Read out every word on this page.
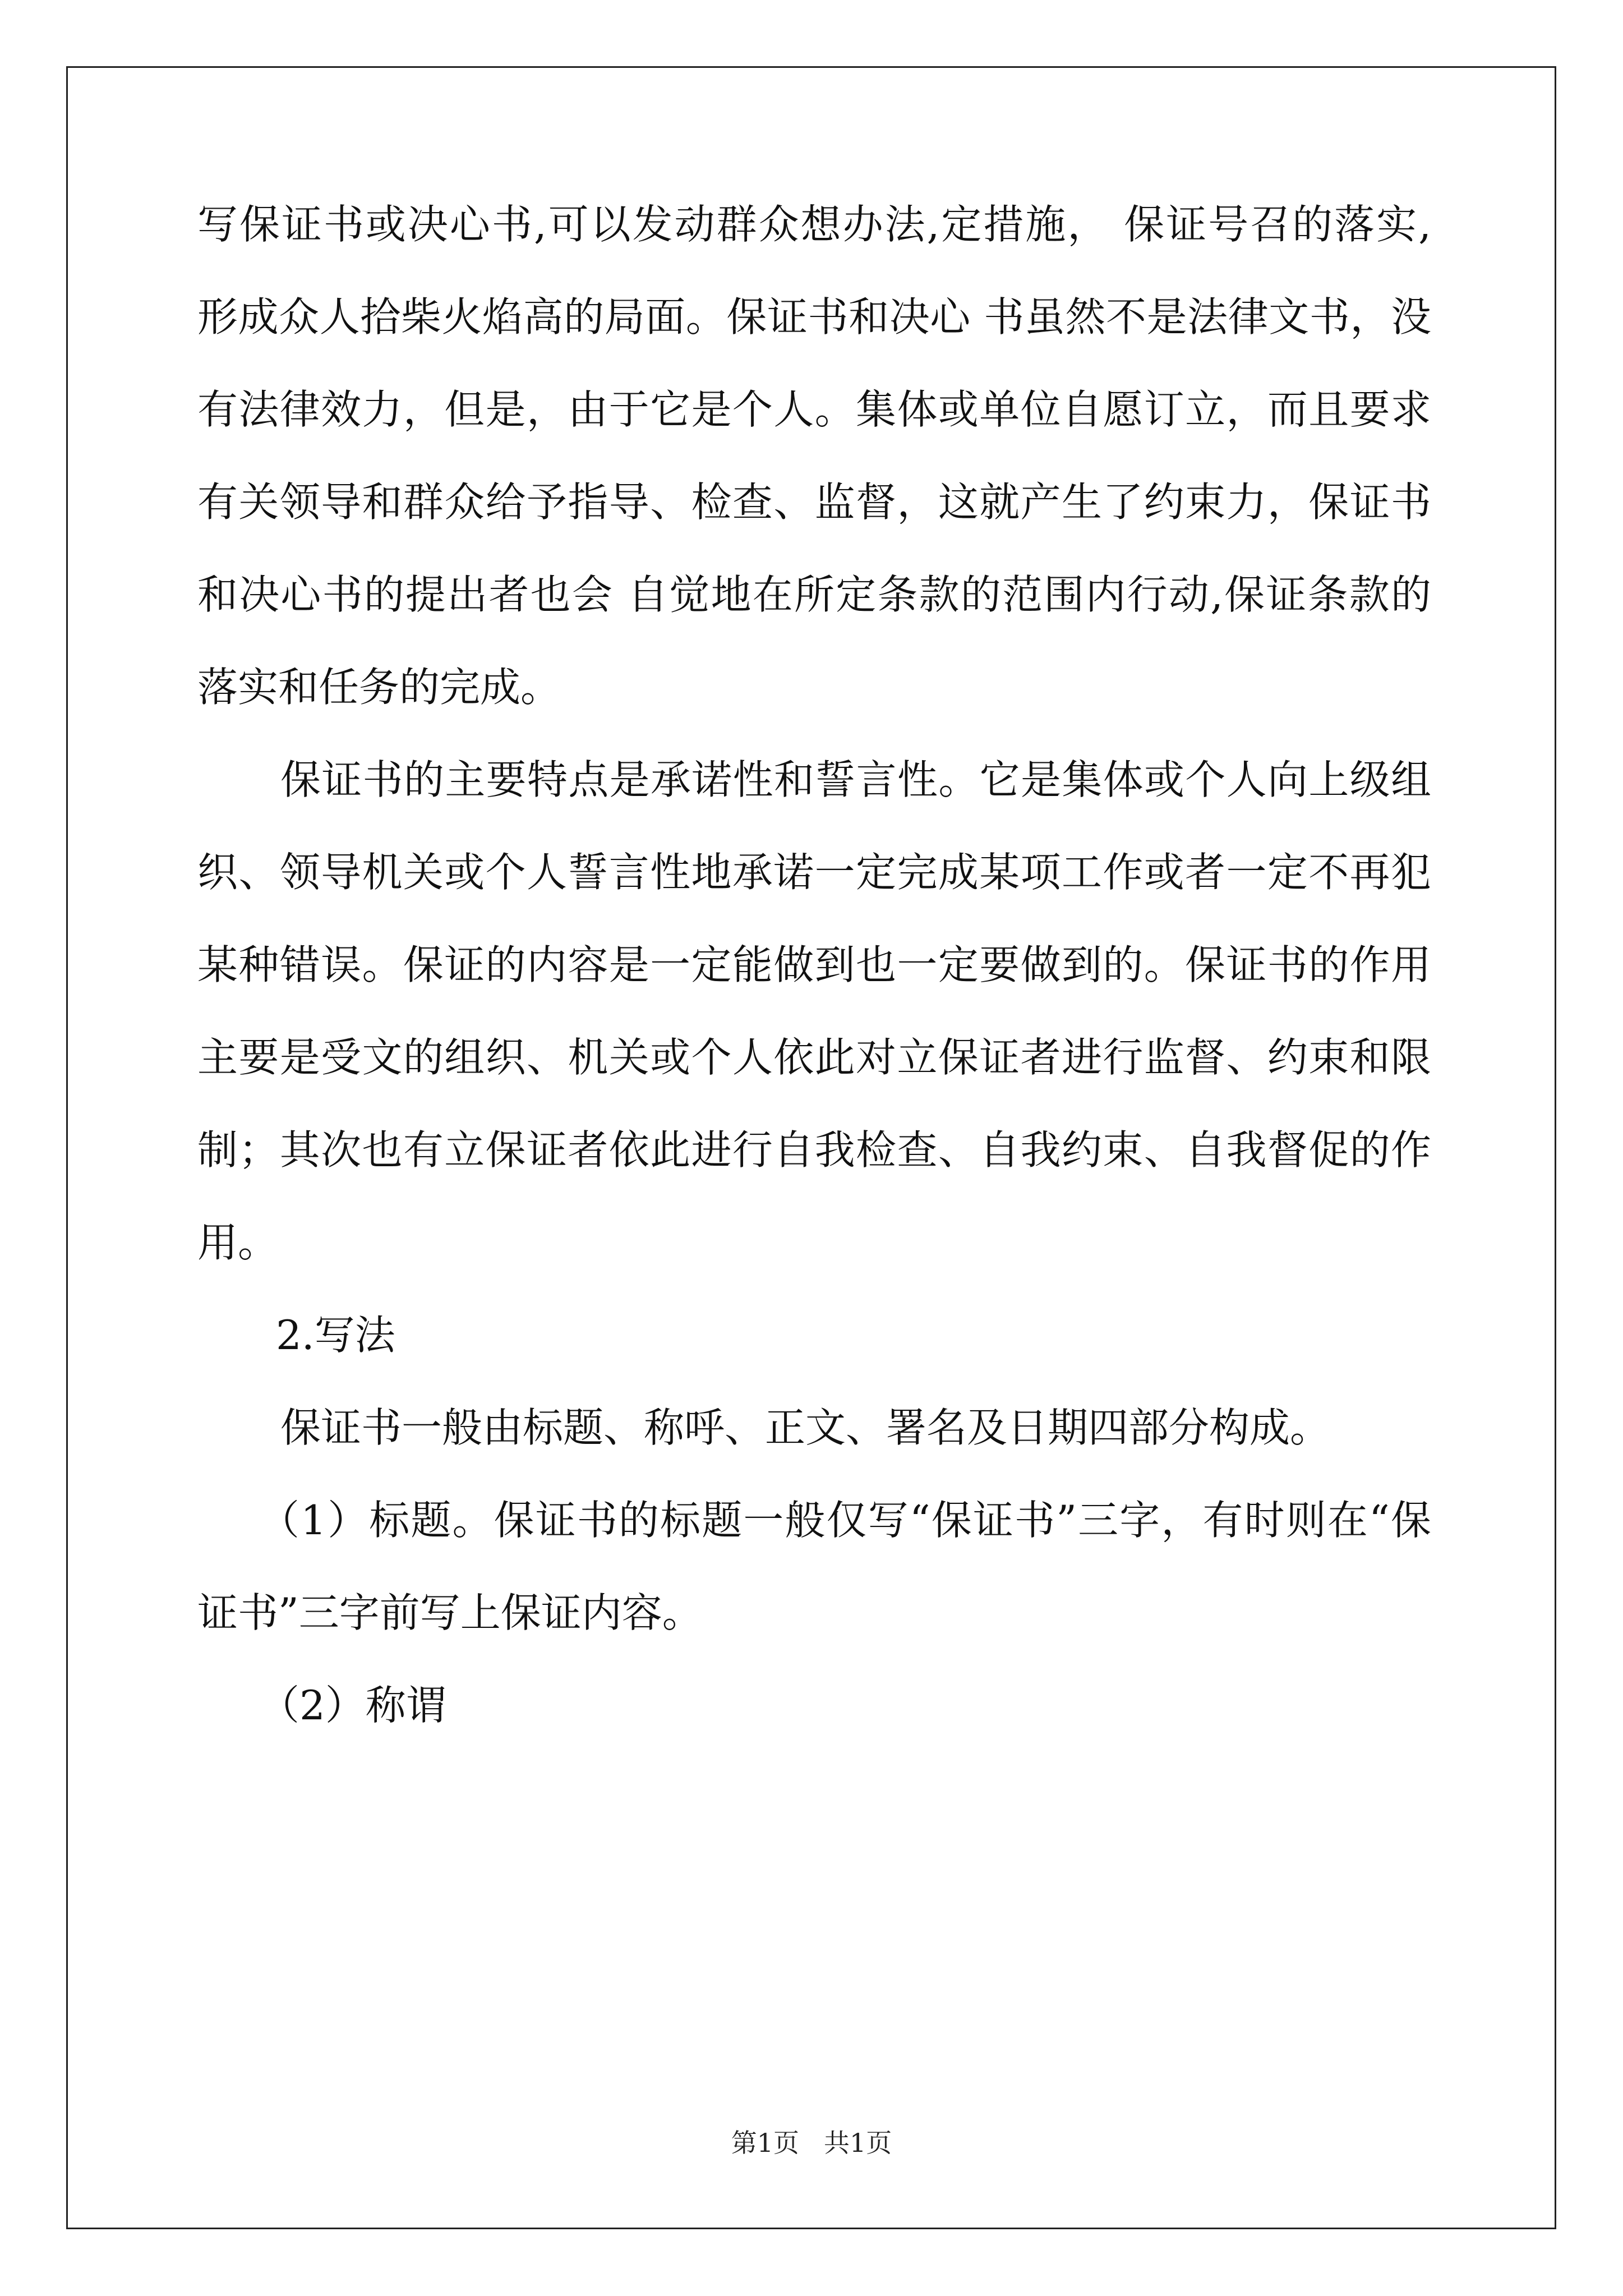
写保证书或决心书,可以发动群众想办法,定措施， 保证号召的落实,
形成众人拾柴火焰高的局面。保证书和决心 书虽然不是法律文书，没
有法律效力，但是，由于它是个人。集体或单位自愿订立，而且要求
有关领导和群众给予指导、检查、监督，这就产生了约束力，保证书
和决心书的提出者也会 自觉地在所定条款的范围内行动,保证条款的
落实和任务的完成。
保证书的主要特点是承诺性和誓言性。它是集体或个人向上级组
织、领导机关或个人誓言性地承诺一定完成某项工作或者一定不再犯
某种错误。保证的内容是一定能做到也一定要做到的。保证书的作用
主要是受文的组织、机关或个人依此对立保证者进行监督、约束和限
制；其次也有立保证者依此进行自我检查、自我约束、自我督促的作
用。
2.写法
保证书一般由标题、称呼、正文、署名及日期四部分构成。
（1）标题。保证书的标题一般仅写“保证书”三字，有时则在“保
证书”三字前写上保证内容。
（2）称谓
第1页 共1页
